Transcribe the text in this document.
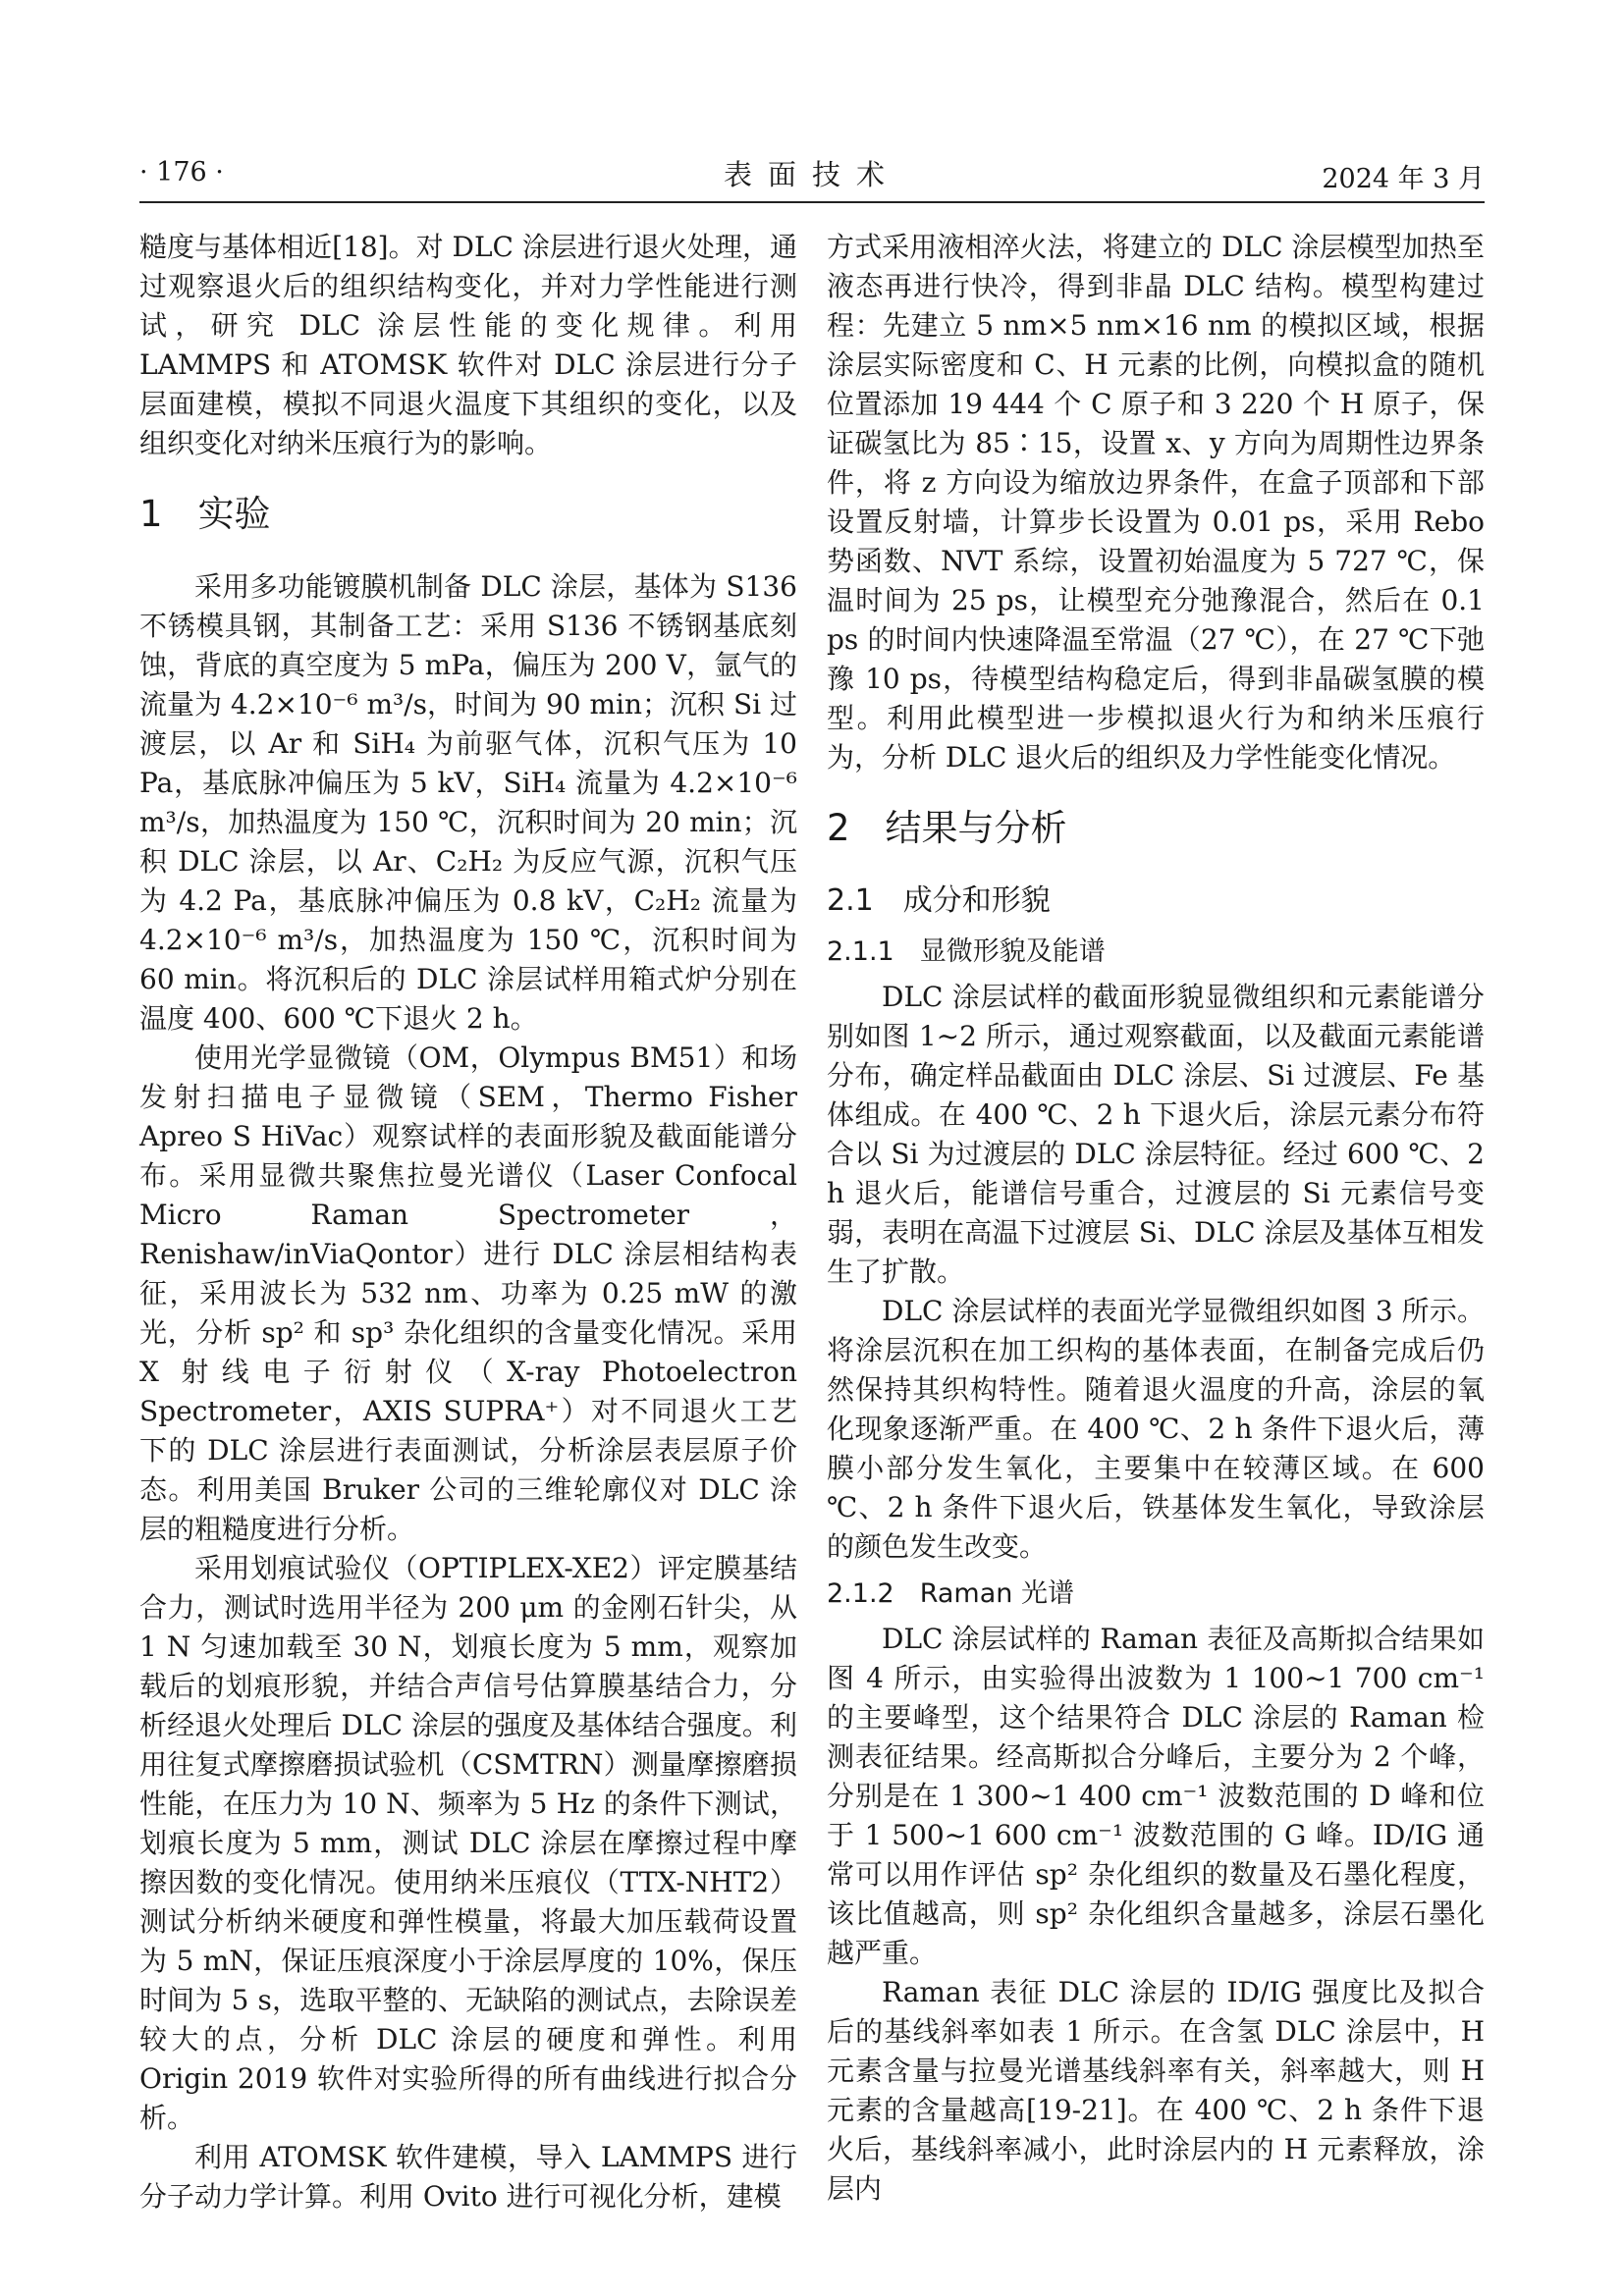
· 176 ·	表面技术	2024 年 3 月

糙度与基体相近[18]。对 DLC 涂层进行退火处理，通过观察退火后的组织结构变化，并对力学性能进行测试，研究 DLC 涂层性能的变化规律。利用 LAMMPS 和 ATOMSK 软件对 DLC 涂层进行分子层面建模，模拟不同退火温度下其组织的变化，以及组织变化对纳米压痕行为的影响。

1 实验

采用多功能镀膜机制备 DLC 涂层，基体为 S136 不锈模具钢，其制备工艺：采用 S136 不锈钢基底刻蚀，背底的真空度为 5 mPa，偏压为 200 V，氩气的流量为 4.2×10⁻⁶ m³/s，时间为 90 min；沉积 Si 过渡层，以 Ar 和 SiH₄ 为前驱气体，沉积气压为 10 Pa，基底脉冲偏压为 5 kV，SiH₄ 流量为 4.2×10⁻⁶ m³/s，加热温度为 150 ℃，沉积时间为 20 min；沉积 DLC 涂层，以 Ar、C₂H₂ 为反应气源，沉积气压为 4.2 Pa，基底脉冲偏压为 0.8 kV，C₂H₂ 流量为 4.2×10⁻⁶ m³/s，加热温度为 150 ℃，沉积时间为 60 min。将沉积后的 DLC 涂层试样用箱式炉分别在温度 400、600 ℃下退火 2 h。

使用光学显微镜（OM，Olympus BM51）和场发射扫描电子显微镜（SEM，Thermo Fisher Apreo S HiVac）观察试样的表面形貌及截面能谱分布。采用显微共聚焦拉曼光谱仪（Laser Confocal Micro Raman Spectrometer，Renishaw/inViaQontor）进行 DLC 涂层相结构表征，采用波长为 532 nm、功率为 0.25 mW 的激光，分析 sp² 和 sp³ 杂化组织的含量变化情况。采用 X 射线电子衍射仪（X-ray Photoelectron Spectrometer，AXIS SUPRA⁺）对不同退火工艺下的 DLC 涂层进行表面测试，分析涂层表层原子价态。利用美国 Bruker 公司的三维轮廓仪对 DLC 涂层的粗糙度进行分析。

采用划痕试验仪（OPTIPLEX-XE2）评定膜基结合力，测试时选用半径为 200 μm 的金刚石针尖，从 1 N 匀速加载至 30 N，划痕长度为 5 mm，观察加载后的划痕形貌，并结合声信号估算膜基结合力，分析经退火处理后 DLC 涂层的强度及基体结合强度。利用往复式摩擦磨损试验机（CSMTRN）测量摩擦磨损性能，在压力为 10 N、频率为 5 Hz 的条件下测试，划痕长度为 5 mm，测试 DLC 涂层在摩擦过程中摩擦因数的变化情况。使用纳米压痕仪（TTX-NHT2）测试分析纳米硬度和弹性模量，将最大加压载荷设置为 5 mN，保证压痕深度小于涂层厚度的 10%，保压时间为 5 s，选取平整的、无缺陷的测试点，去除误差较大的点，分析 DLC 涂层的硬度和弹性。利用 Origin 2019 软件对实验所得的所有曲线进行拟合分析。

利用 ATOMSK 软件建模，导入 LAMMPS 进行分子动力学计算。利用 Ovito 进行可视化分析，建模

方式采用液相淬火法，将建立的 DLC 涂层模型加热至液态再进行快冷，得到非晶 DLC 结构。模型构建过程：先建立 5 nm×5 nm×16 nm 的模拟区域，根据涂层实际密度和 C、H 元素的比例，向模拟盒的随机位置添加 19 444 个 C 原子和 3 220 个 H 原子，保证碳氢比为 85∶15，设置 x、y 方向为周期性边界条件，将 z 方向设为缩放边界条件，在盒子顶部和下部设置反射墙，计算步长设置为 0.01 ps，采用 Rebo 势函数、NVT 系综，设置初始温度为 5 727 ℃，保温时间为 25 ps，让模型充分弛豫混合，然后在 0.1 ps 的时间内快速降温至常温（27 ℃），在 27 ℃下弛豫 10 ps，待模型结构稳定后，得到非晶碳氢膜的模型。利用此模型进一步模拟退火行为和纳米压痕行为，分析 DLC 退火后的组织及力学性能变化情况。

2 结果与分析
2.1 成分和形貌
2.1.1 显微形貌及能谱

DLC 涂层试样的截面形貌显微组织和元素能谱分别如图 1~2 所示，通过观察截面，以及截面元素能谱分布，确定样品截面由 DLC 涂层、Si 过渡层、Fe 基体组成。在 400 ℃、2 h 下退火后，涂层元素分布符合以 Si 为过渡层的 DLC 涂层特征。经过 600 ℃、2 h 退火后，能谱信号重合，过渡层的 Si 元素信号变弱，表明在高温下过渡层 Si、DLC 涂层及基体互相发生了扩散。

DLC 涂层试样的表面光学显微组织如图 3 所示。将涂层沉积在加工织构的基体表面，在制备完成后仍然保持其织构特性。随着退火温度的升高，涂层的氧化现象逐渐严重。在 400 ℃、2 h 条件下退火后，薄膜小部分发生氧化，主要集中在较薄区域。在 600 ℃、2 h 条件下退火后，铁基体发生氧化，导致涂层的颜色发生改变。

2.1.2 Raman 光谱

DLC 涂层试样的 Raman 表征及高斯拟合结果如图 4 所示，由实验得出波数为 1 100~1 700 cm⁻¹ 的主要峰型，这个结果符合 DLC 涂层的 Raman 检测表征结果。经高斯拟合分峰后，主要分为 2 个峰，分别是在 1 300~1 400 cm⁻¹ 波数范围的 D 峰和位于 1 500~1 600 cm⁻¹ 波数范围的 G 峰。ID/IG 通常可以用作评估 sp² 杂化组织的数量及石墨化程度，该比值越高，则 sp² 杂化组织含量越多，涂层石墨化越严重。

Raman 表征 DLC 涂层的 ID/IG 强度比及拟合后的基线斜率如表 1 所示。在含氢 DLC 涂层中，H 元素含量与拉曼光谱基线斜率有关，斜率越大，则 H 元素的含量越高[19-21]。在 400 ℃、2 h 条件下退火后，基线斜率减小，此时涂层内的 H 元素释放，涂层内
